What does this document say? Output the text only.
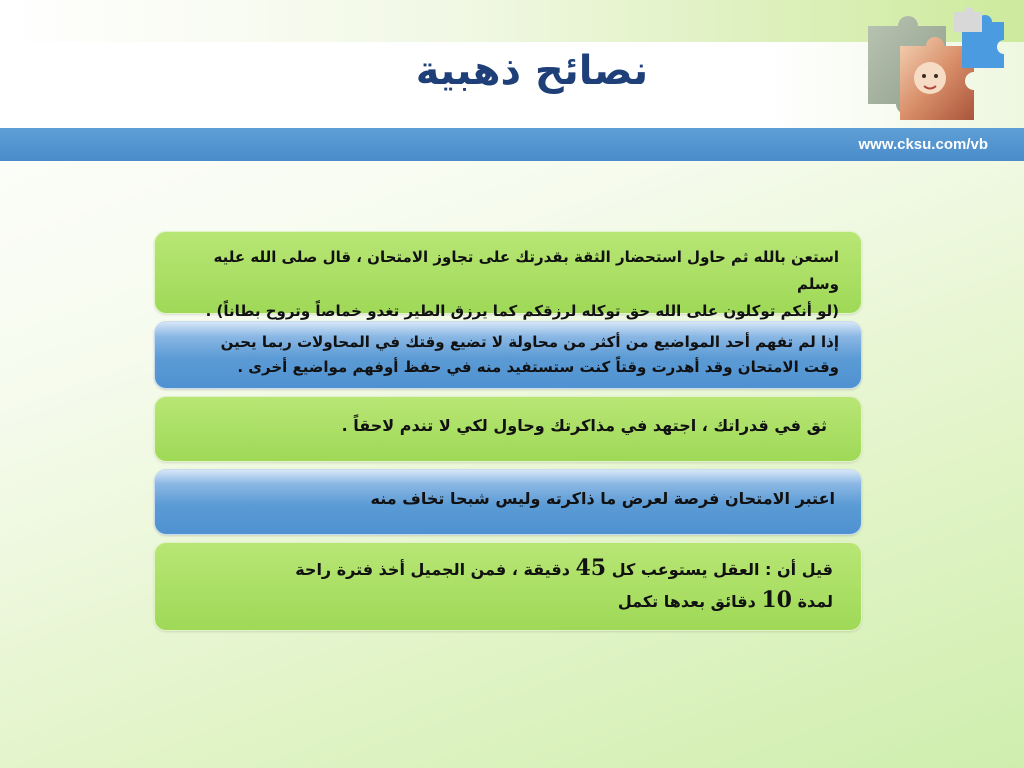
نصائح ذهبية
www.cksu.com/vb
استعن بالله ثم حاول استحضار الثقة بقدرتك على تجاوز الامتحان ، قال صلى الله عليه وسلم
(لو أنكم توكلون على الله حق توكله لرزقكم كما يرزق الطير تغدو خماصاً وتروح بطاناً) .
إذا لم تفهم أحد المواضيع من أكثر من محاولة لا تضيع وقتك في المحاولات ربما يحين
وقت الامتحان وقد أهدرت وقتاً كنت ستستفيد منه في حفظ أوفهم مواضيع أخرى .
ثق في قدراتك ، اجتهد في مذاكرتك وحاول لكي لا تندم لاحقاً .
اعتبر الامتحان فرصة لعرض ما ذاكرته وليس شبحا تخاف منه
قيل أن : العقل يستوعب كل 45 دقيقة ، فمن الجميل أخذ فترة راحة
لمدة 10 دقائق بعدها تكمل
